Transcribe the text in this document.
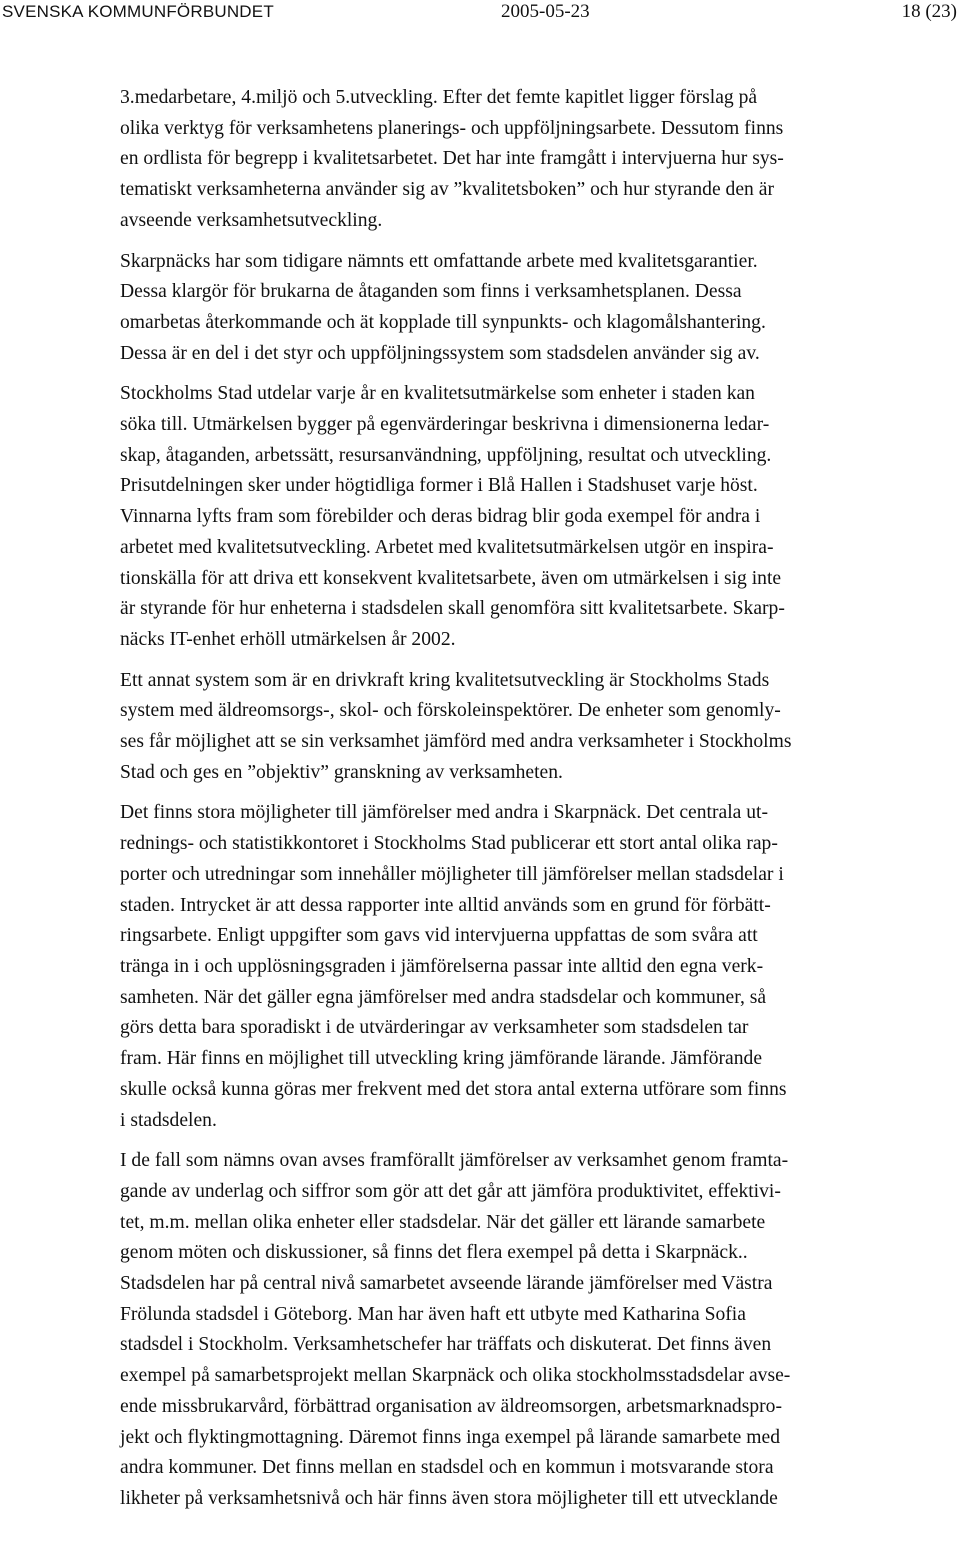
SVENSKA KOMMUNFÖRBUNDET	2005-05-23	18 (23)

3.medarbetare, 4.miljö och 5.utveckling. Efter det femte kapitlet ligger förslag på
olika verktyg för verksamhetens planerings- och uppföljningsarbete. Dessutom finns
en ordlista för begrepp i kvalitetsarbetet. Det har inte framgått i intervjuerna hur sys-
tematiskt verksamheterna använder sig av ”kvalitetsboken” och hur styrande den är
avseende verksamhetsutveckling.

Skarpnäcks har som tidigare nämnts ett omfattande arbete med kvalitetsgarantier.
Dessa klargör för brukarna de åtaganden som finns i verksamhetsplanen. Dessa
omarbetas återkommande och ät kopplade till synpunkts- och klagomålshantering.
Dessa är en del i det styr och uppföljningssystem som stadsdelen använder sig av.

Stockholms Stad utdelar varje år en kvalitetsutmärkelse som enheter i staden kan
söka till. Utmärkelsen bygger på egenvärderingar beskrivna i dimensionerna ledar-
skap, åtaganden, arbetssätt, resursanvändning, uppföljning, resultat och utveckling.
Prisutdelningen sker under högtidliga former i Blå Hallen i Stadshuset varje höst.
Vinnarna lyfts fram som förebilder och deras bidrag blir goda exempel för andra i
arbetet med kvalitetsutveckling. Arbetet med kvalitetsutmärkelsen utgör en inspira-
tionskälla för att driva ett konsekvent kvalitetsarbete, även om utmärkelsen i sig inte
är styrande för hur enheterna i stadsdelen skall genomföra sitt kvalitetsarbete. Skarp-
näcks IT-enhet erhöll utmärkelsen år 2002.

Ett annat system som är en drivkraft kring kvalitetsutveckling är Stockholms Stads
system med äldreomsorgs-, skol- och förskoleinspektörer. De enheter som genomly-
ses får möjlighet att se sin verksamhet jämförd med andra verksamheter i Stockholms
Stad och ges en ”objektiv” granskning av verksamheten.

Det finns stora möjligheter till jämförelser med andra i Skarpnäck. Det centrala ut-
rednings- och statistikkontoret i Stockholms Stad publicerar ett stort antal olika rap-
porter och utredningar som innehåller möjligheter till jämförelser mellan stadsdelar i
staden. Intrycket är att dessa rapporter inte alltid används som en grund för förbätt-
ringsarbete. Enligt uppgifter som gavs vid intervjuerna uppfattas de som svåra att
tränga in i och upplösningsgraden i jämförelserna passar inte alltid den egna verk-
samheten. När det gäller egna jämförelser med andra stadsdelar och kommuner, så
görs detta bara sporadiskt i de utvärderingar av verksamheter som stadsdelen tar
fram. Här finns en möjlighet till utveckling kring jämförande lärande. Jämförande
skulle också kunna göras mer frekvent med det stora antal externa utförare som finns
i stadsdelen.

I de fall som nämns ovan avses framförallt jämförelser av verksamhet genom framta-
gande av underlag och siffror som gör att det går att jämföra produktivitet, effektivi-
tet, m.m. mellan olika enheter eller stadsdelar. När det gäller ett lärande samarbete
genom möten och diskussioner, så finns det flera exempel på detta i Skarpnäck..
Stadsdelen har på central nivå samarbetet avseende lärande jämförelser med Västra
Frölunda stadsdel i Göteborg. Man har även haft ett utbyte med Katharina Sofia
stadsdel i Stockholm. Verksamhetschefer har träffats och diskuterat. Det finns även
exempel på samarbetsprojekt mellan Skarpnäck och olika stockholmsstadsdelar avse-
ende missbrukarvård, förbättrad organisation av äldreomsorgen, arbetsmarknadspro-
jekt och flyktingmottagning. Däremot finns inga exempel på lärande samarbete med
andra kommuner. Det finns mellan en stadsdel och en kommun i motsvarande stora
likheter på verksamhetsnivå och här finns även stora möjligheter till ett utvecklande
